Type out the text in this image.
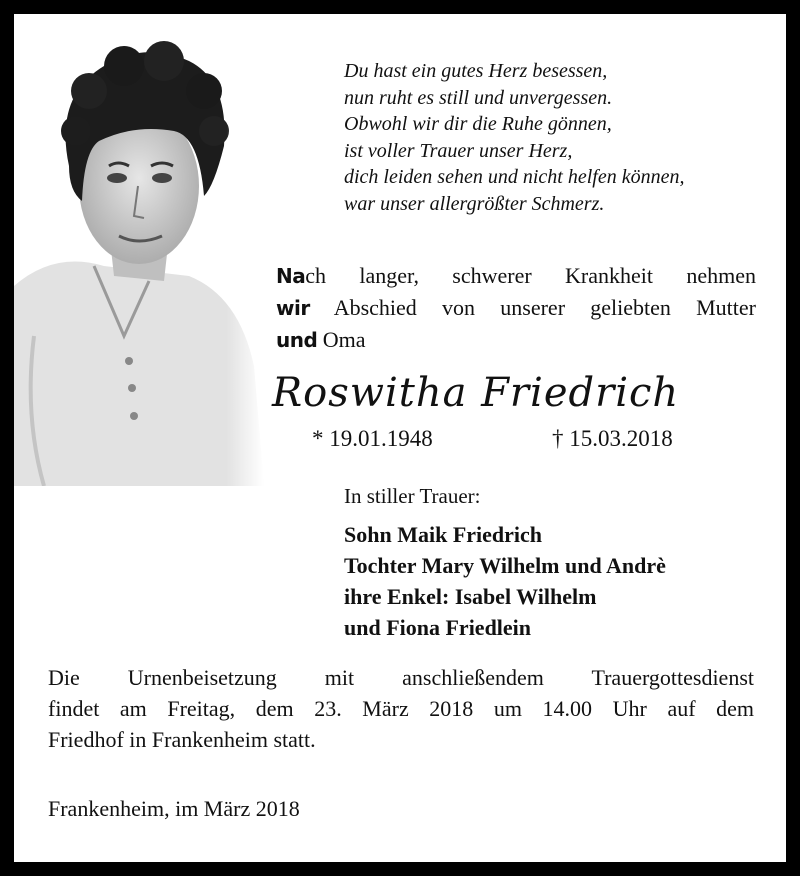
Du hast ein gutes Herz besessen,
nun ruht es still und unvergessen.
Obwohl wir dir die Ruhe gönnen,
ist voller Trauer unser Herz,
dich leiden sehen und nicht helfen können,
war unser allergrößter Schmerz.
Nach langer, schwerer Krankheit nehmen
wir Abschied von unserer geliebten Mutter
und Oma
Roswitha Friedrich
* 19.01.1948	† 15.03.2018
In stiller Trauer:
Sohn Maik Friedrich
Tochter Mary Wilhelm und Andrè
ihre Enkel: Isabel Wilhelm
und Fiona Friedlein
Die Urnenbeisetzung mit anschließendem Trauergottesdienst
findet am Freitag, dem 23. März 2018 um 14.00 Uhr auf dem
Friedhof in Frankenheim statt.
Frankenheim, im März 2018
